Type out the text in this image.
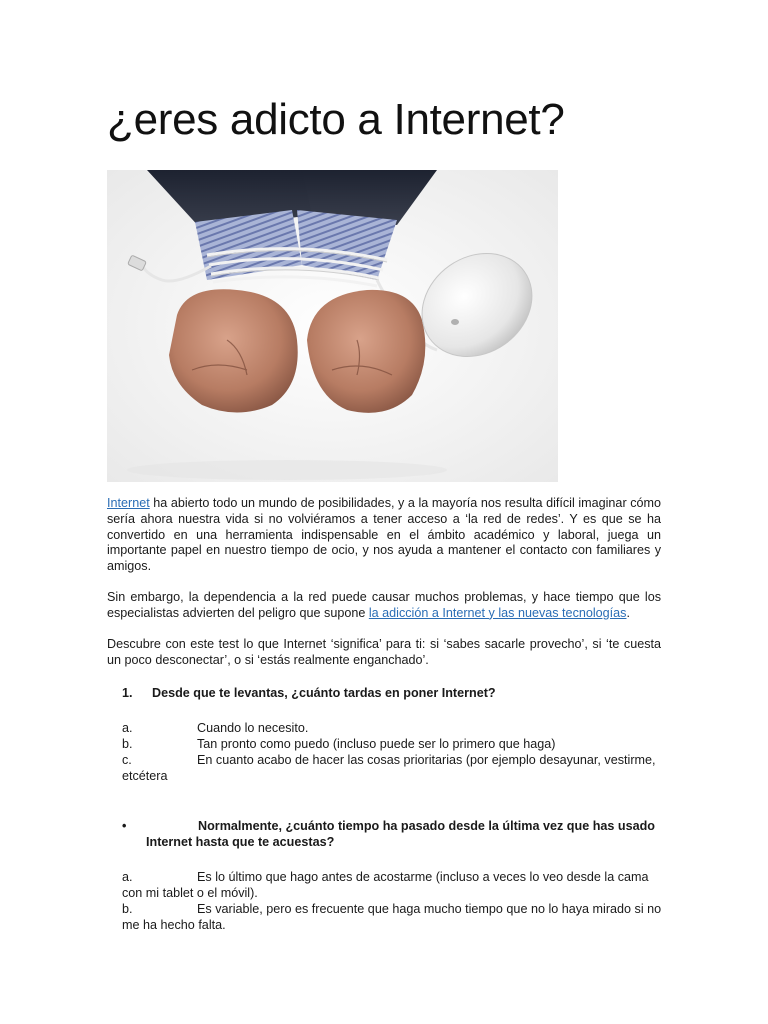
¿eres adicto a Internet?

Internet ha abierto todo un mundo de posibilidades, y a la mayoría nos resulta difícil imaginar cómo sería ahora nuestra vida si no volviéramos a tener acceso a ‘la red de redes’. Y es que se ha convertido en una herramienta indispensable en el ámbito académico y laboral, juega un importante papel en nuestro tiempo de ocio, y nos ayuda a mantener el contacto con familiares y amigos.

Sin embargo, la dependencia a la red puede causar muchos problemas, y hace tiempo que los especialistas advierten del peligro que supone la adicción a Internet y las nuevas tecnologías.

Descubre con este test lo que Internet ‘significa’ para ti: si ‘sabes sacarle provecho’, si ‘te cuesta un poco desconectar’, o si ‘estás realmente enganchado’.

1. Desde que te levantas, ¿cuánto tardas en poner Internet?
a.	Cuando lo necesito.
b.	Tan pronto como puedo (incluso puede ser lo primero que haga)
c.	En cuanto acabo de hacer las cosas prioritarias (por ejemplo desayunar, vestirme, etcétera
•	Normalmente, ¿cuánto tiempo ha pasado desde la última vez que has usado Internet hasta que te acuestas?
a.	Es lo último que hago antes de acostarme (incluso a veces lo veo desde la cama con mi tablet o el móvil).
b.	Es variable, pero es frecuente que haga mucho tiempo que no lo haya mirado si no me ha hecho falta.
